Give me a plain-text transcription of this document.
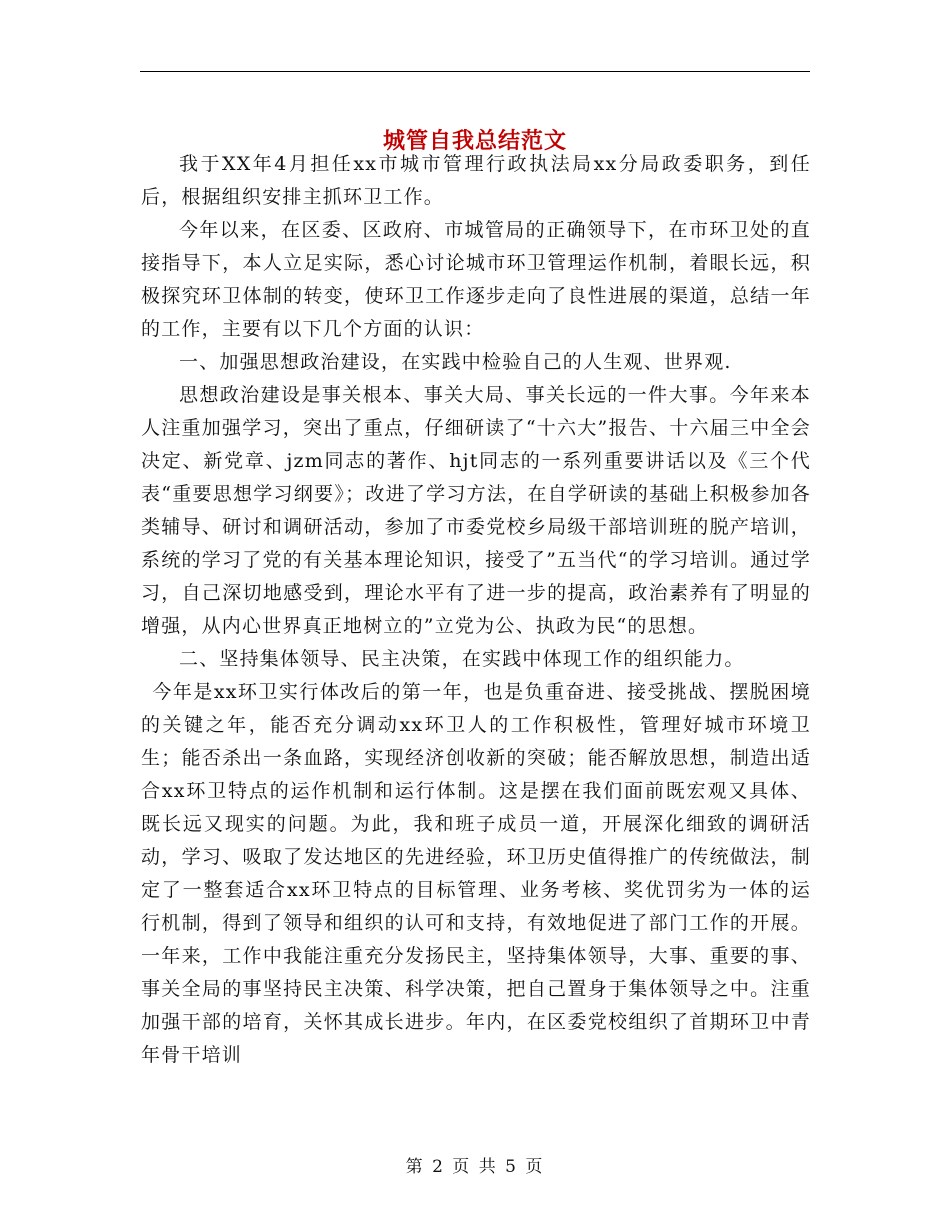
城管自我总结范文

我于XX年4月担任xx市城市管理行政执法局xx分局政委职务，到任后，根据组织安排主抓环卫工作。

今年以来，在区委、区政府、市城管局的正确领导下，在市环卫处的直接指导下，本人立足实际，悉心讨论城市环卫管理运作机制，着眼长远，积极探究环卫体制的转变，使环卫工作逐步走向了良性进展的渠道，总结一年的工作，主要有以下几个方面的认识：

一、加强思想政治建设，在实践中检验自己的人生观、世界观.

思想政治建设是事关根本、事关大局、事关长远的一件大事。今年来本人注重加强学习，突出了重点，仔细研读了“十六大”报告、十六届三中全会决定、新党章、jzm同志的著作、hjt同志的一系列重要讲话以及《三个代表“重要思想学习纲要》；改进了学习方法，在自学研读的基础上积极参加各类辅导、研讨和调研活动，参加了市委党校乡局级干部培训班的脱产培训，系统的学习了党的有关基本理论知识，接受了”五当代“的学习培训。通过学习，自己深切地感受到，理论水平有了进一步的提高，政治素养有了明显的增强，从内心世界真正地树立的”立党为公、执政为民“的思想。

二、坚持集体领导、民主决策，在实践中体现工作的组织能力。

今年是xx环卫实行体改后的第一年，也是负重奋进、接受挑战、摆脱困境的关键之年，能否充分调动xx环卫人的工作积极性，管理好城市环境卫生；能否杀出一条血路，实现经济创收新的突破；能否解放思想，制造出适合xx环卫特点的运作机制和运行体制。这是摆在我们面前既宏观又具体、既长远又现实的问题。为此，我和班子成员一道，开展深化细致的调研活动，学习、吸取了发达地区的先进经验，环卫历史值得推广的传统做法，制定了一整套适合xx环卫特点的目标管理、业务考核、奖优罚劣为一体的运行机制，得到了领导和组织的认可和支持，有效地促进了部门工作的开展。一年来，工作中我能注重充分发扬民主，坚持集体领导，大事、重要的事、事关全局的事坚持民主决策、科学决策，把自己置身于集体领导之中。注重加强干部的培育，关怀其成长进步。年内，在区委党校组织了首期环卫中青年骨干培训

第 2 页 共 5 页
